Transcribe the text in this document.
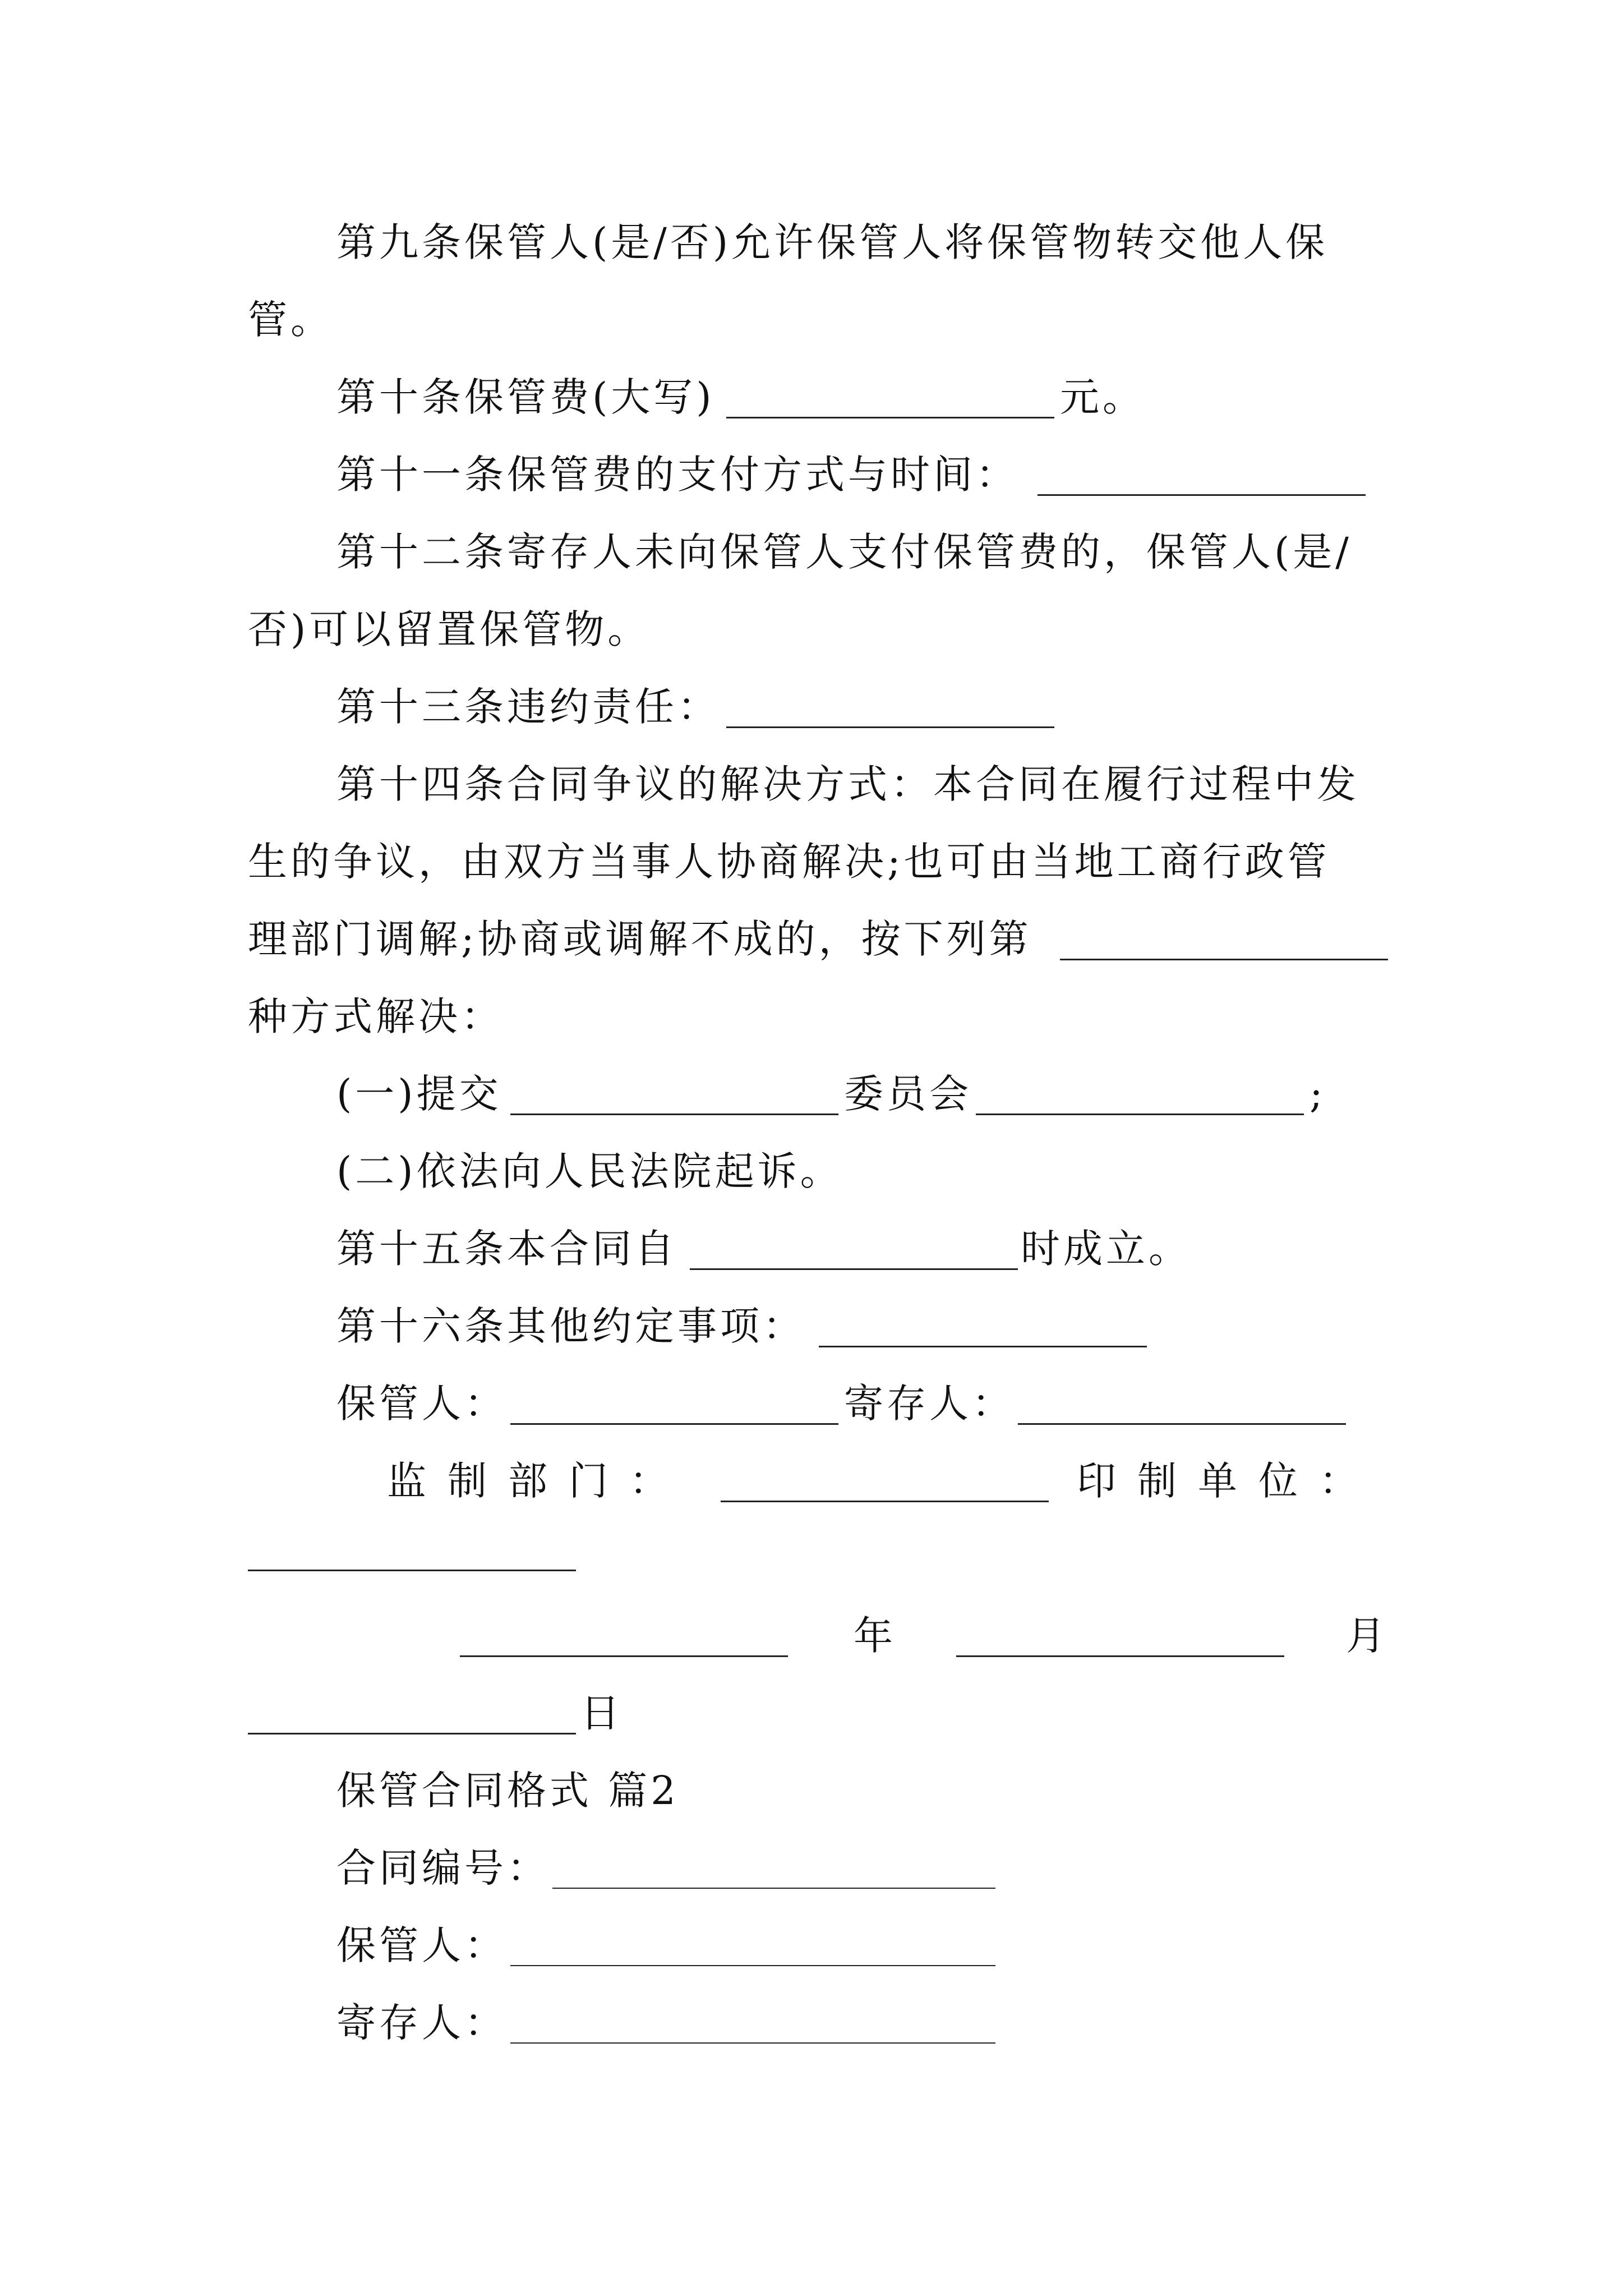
第九条保管人(是/否)允许保管人将保管物转交他人保
管。
第十条保管费(大写)	元。
第十一条保管费的支付方式与时间：
第十二条寄存人未向保管人支付保管费的，保管人(是/
否)可以留置保管物。
第十三条违约责任：
第十四条合同争议的解决方式：本合同在履行过程中发
生的争议，由双方当事人协商解决;也可由当地工商行政管
理部门调解;协商或调解不成的，按下列第
种方式解决：
(一)提交	委员会	;
(二)依法向人民法院起诉。
第十五条本合同自	时成立。
第十六条其他约定事项：
保管人：	寄存人：
监制部门：	印制单位：
年	月
日
保管合同格式 篇2
合同编号：
保管人：
寄存人：
